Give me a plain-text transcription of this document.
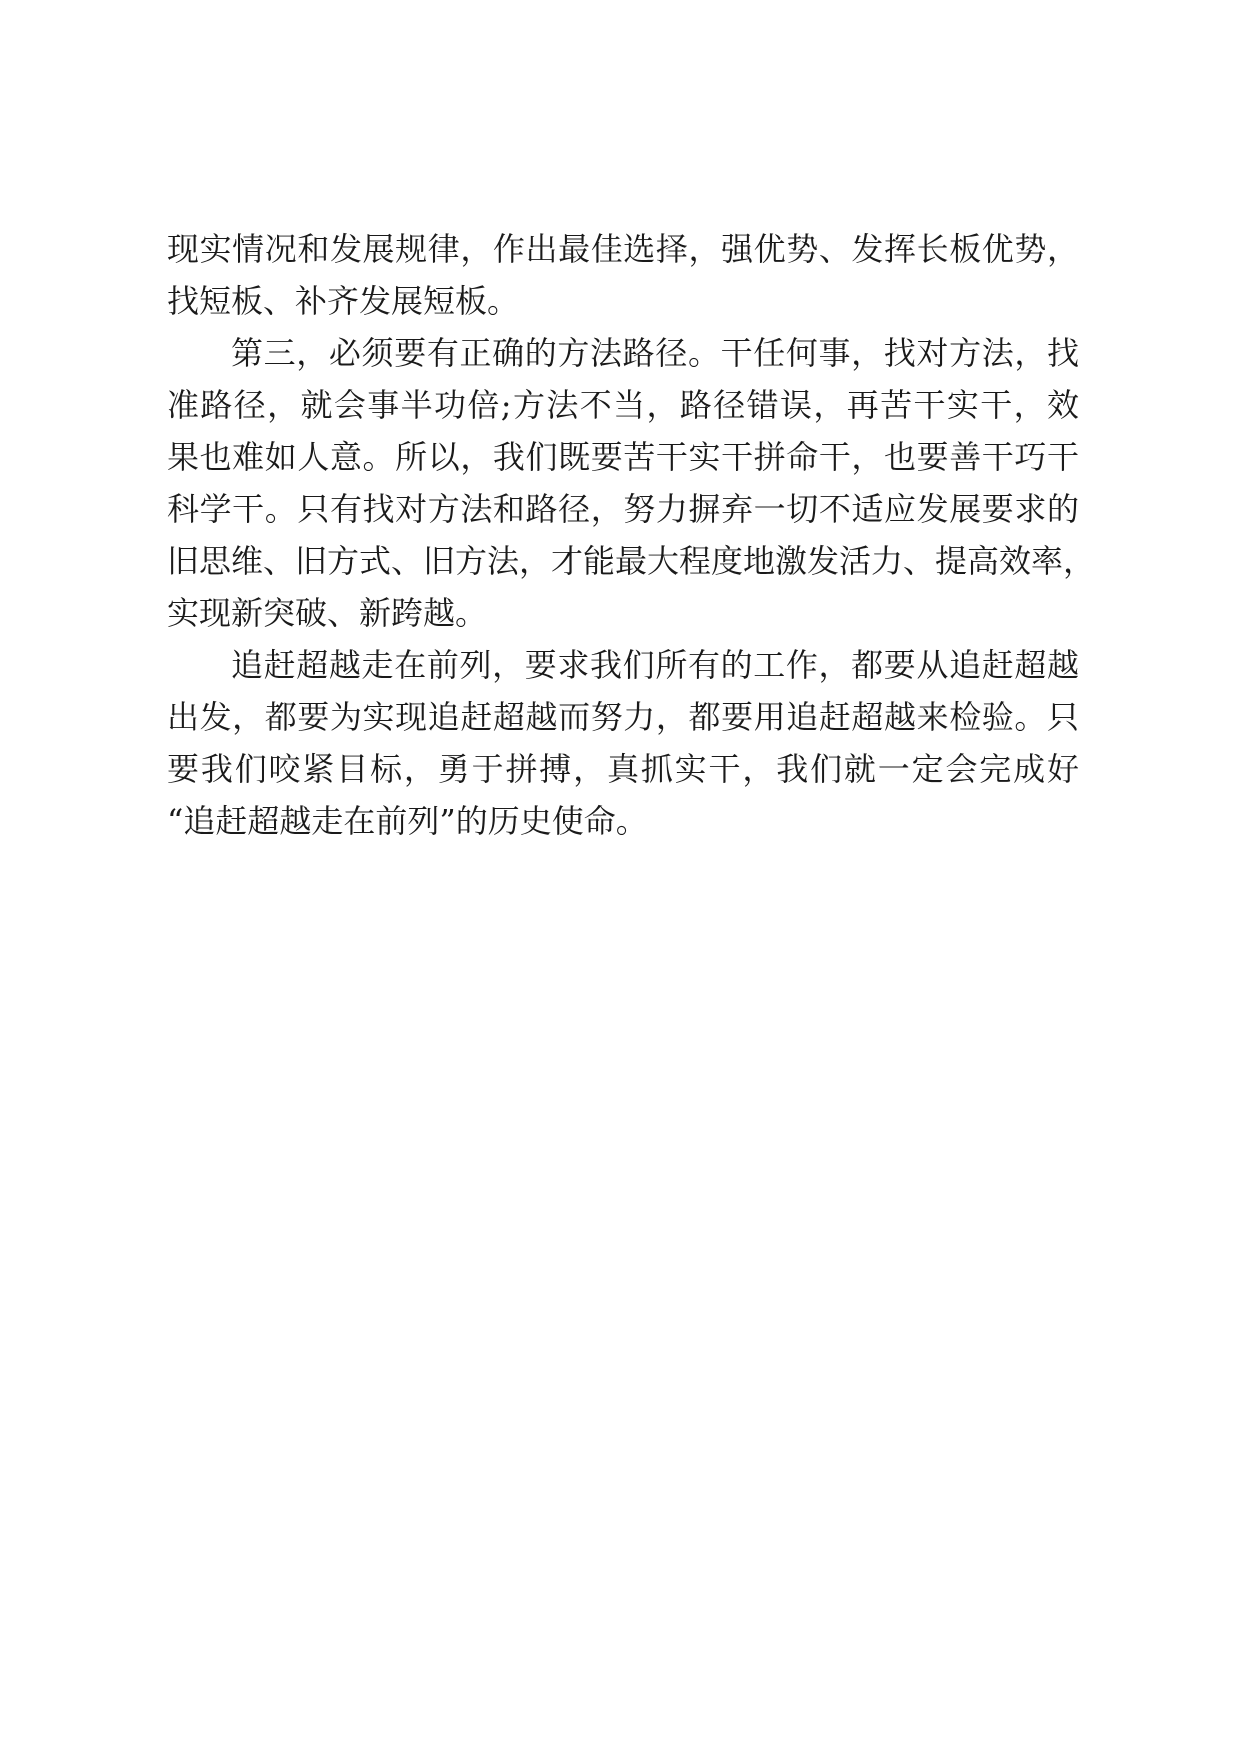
现实情况和发展规律，作出最佳选择，强优势、发挥长板优势，
找短板、补齐发展短板。
第三，必须要有正确的方法路径。干任何事，找对方法，找
准路径，就会事半功倍;方法不当，路径错误，再苦干实干，效
果也难如人意。所以，我们既要苦干实干拼命干，也要善干巧干
科学干。只有找对方法和路径，努力摒弃一切不适应发展要求的
旧思维、旧方式、旧方法，才能最大程度地激发活力、提高效率，
实现新突破、新跨越。
追赶超越走在前列，要求我们所有的工作，都要从追赶超越
出发，都要为实现追赶超越而努力，都要用追赶超越来检验。只
要我们咬紧目标，勇于拼搏，真抓实干，我们就一定会完成好
“追赶超越走在前列”的历史使命。
